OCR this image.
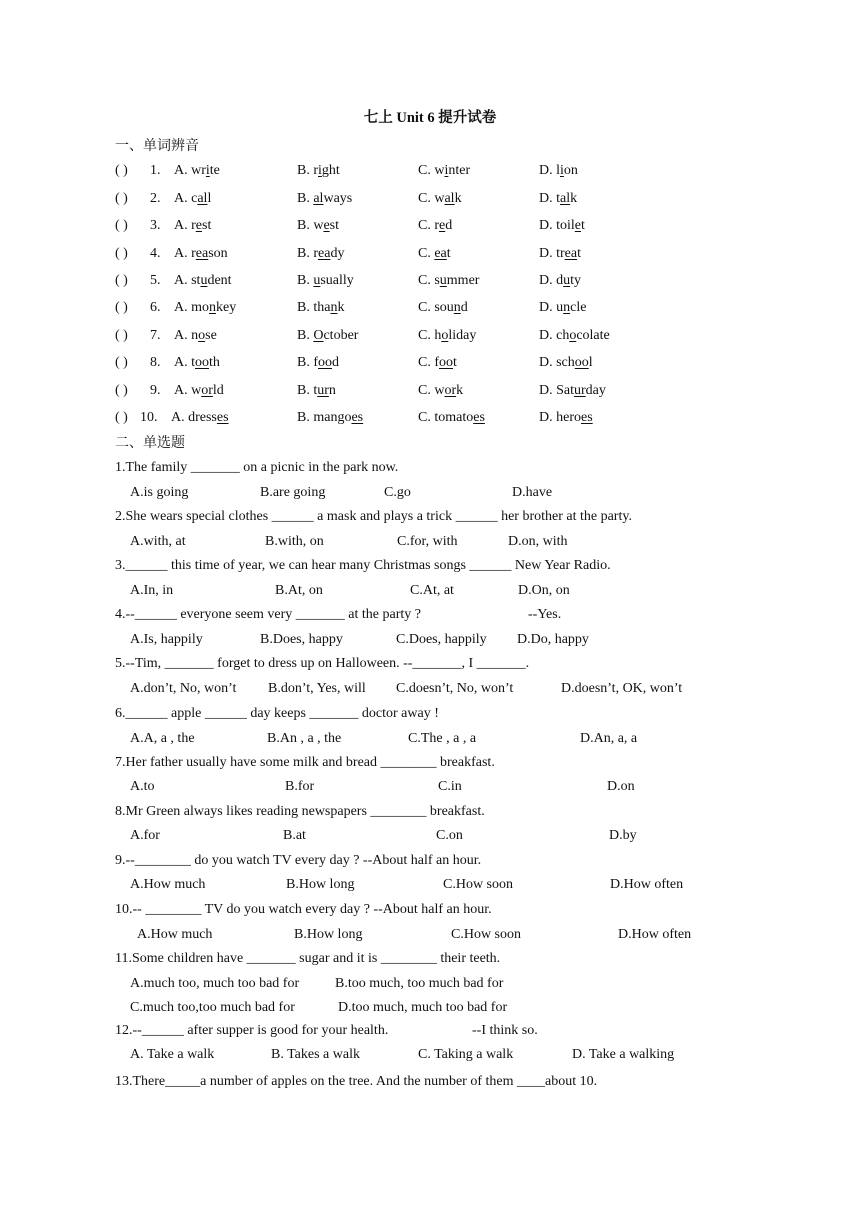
七上 Unit 6 提升试卷
一、单词辨音
( ) 1. A. write	B. right	C. winter	D. lion
( ) 2. A. call	B. always	C. walk	D. talk
( ) 3. A. rest	B. west	C. red	D. toilet
( ) 4. A. reason	B. ready	C. eat	D. treat
( ) 5. A. student	B. usually	C. summer	D. duty
( ) 6. A. monkey	B. thank	C. sound	D. uncle
( ) 7. A. nose	B. October	C. holiday	D. chocolate
( ) 8. A. tooth	B. food	C. foot	D. school
( ) 9. A. world	B. turn	C. work	D. Saturday
( ) 10. A. dresses	B. mangoes	C. tomatoes	D. heroes
二、单选题
1.The family _______ on a picnic in the park now.
A.is going	B.are going	C.go	D.have
2.She wears special clothes ______ a mask and plays a trick ______ her brother at the party.
A.with, at	B.with, on	C.for, with	D.on, with
3.______ this time of year, we can hear many Christmas songs ______ New Year Radio.
A.In, in	B.At, on	C.At, at	D.On, on
4.--______ everyone seem very _______ at the party ?	--Yes.
A.Is, happily	B.Does, happy	C.Does, happily D.Do, happy
5.--Tim, _______ forget to dress up on Halloween. --_______, I _______.
A.don’t, No, won’t B.don’t, Yes, will C.doesn’t, No, won’t	D.doesn’t, OK, won’t
6.______ apple ______ day keeps _______ doctor away !
A.A, a , the	B.An , a , the	C.The , a , a	D.An, a, a
7.Her father usually have some milk and bread ________ breakfast.
A.to	B.for	C.in	D.on
8.Mr Green always likes reading newspapers ________ breakfast.
A.for	B.at	C.on	D.by
9.--________ do you watch TV every day ? --About half an hour.
A.How much	B.How long	C.How soon	D.How often
10.-- ________ TV do you watch every day ? --About half an hour.
A.How much	B.How long	C.How soon	D.How often
11.Some children have _______ sugar and it is ________ their teeth.
A.much too, much too bad for	B.too much, too much bad for
C.much too,too much bad for	D.too much, much too bad for
12.--______ after supper is good for your health.	--I think so.
A. Take a walk	B. Takes a walk	C. Taking a walk	D. Take a walking
13.There_____a number of apples on the tree. And the number of them ____about 10.
